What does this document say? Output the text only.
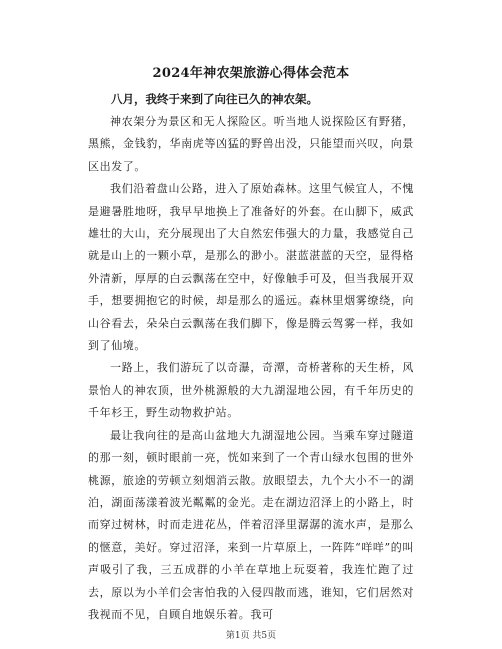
2024年神农架旅游心得体会范本

八月，我终于来到了向往已久的神农架。

神农架分为景区和无人探险区。听当地人说探险区有野猪，黑熊，金钱豹，华南虎等凶猛的野兽出没，只能望而兴叹，向景区出发了。

我们沿着盘山公路，进入了原始森林。这里气候宜人，不愧是避暑胜地呀，我早早地换上了准备好的外套。在山脚下，威武雄壮的大山，充分展现出了大自然宏伟强大的力量，我感觉自己就是山上的一颗小草，是那么的渺小。湛蓝湛蓝的天空，显得格外清新，厚厚的白云飘荡在空中，好像触手可及，但当我展开双手，想要拥抱它的时候，却是那么的遥远。森林里烟雾缭绕，向山谷看去，朵朵白云飘荡在我们脚下，像是腾云驾雾一样，我如到了仙境。

一路上，我们游玩了以奇瀑，奇潭，奇桥著称的天生桥，风景怡人的神农顶，世外桃源般的大九湖湿地公园，有千年历史的千年杉王，野生动物救护站。

最让我向往的是高山盆地大九湖湿地公园。当乘车穿过隧道的那一刻，顿时眼前一亮，恍如来到了一个青山绿水包围的世外桃源，旅途的劳顿立刻烟消云散。放眼望去，九个大小不一的湖泊，湖面荡漾着波光粼粼的金光。走在湖边沼泽上的小路上，时而穿过树林，时而走进花丛，伴着沼泽里潺潺的流水声，是那么的惬意，美好。穿过沼泽，来到一片草原上，一阵阵“咩咩”的叫声吸引了我，三五成群的小羊在草地上玩耍着，我连忙跑了过去，原以为小羊们会害怕我的入侵四散而逃，谁知，它们居然对我视而不见，自顾自地娱乐着。我可

第1页 共5页
